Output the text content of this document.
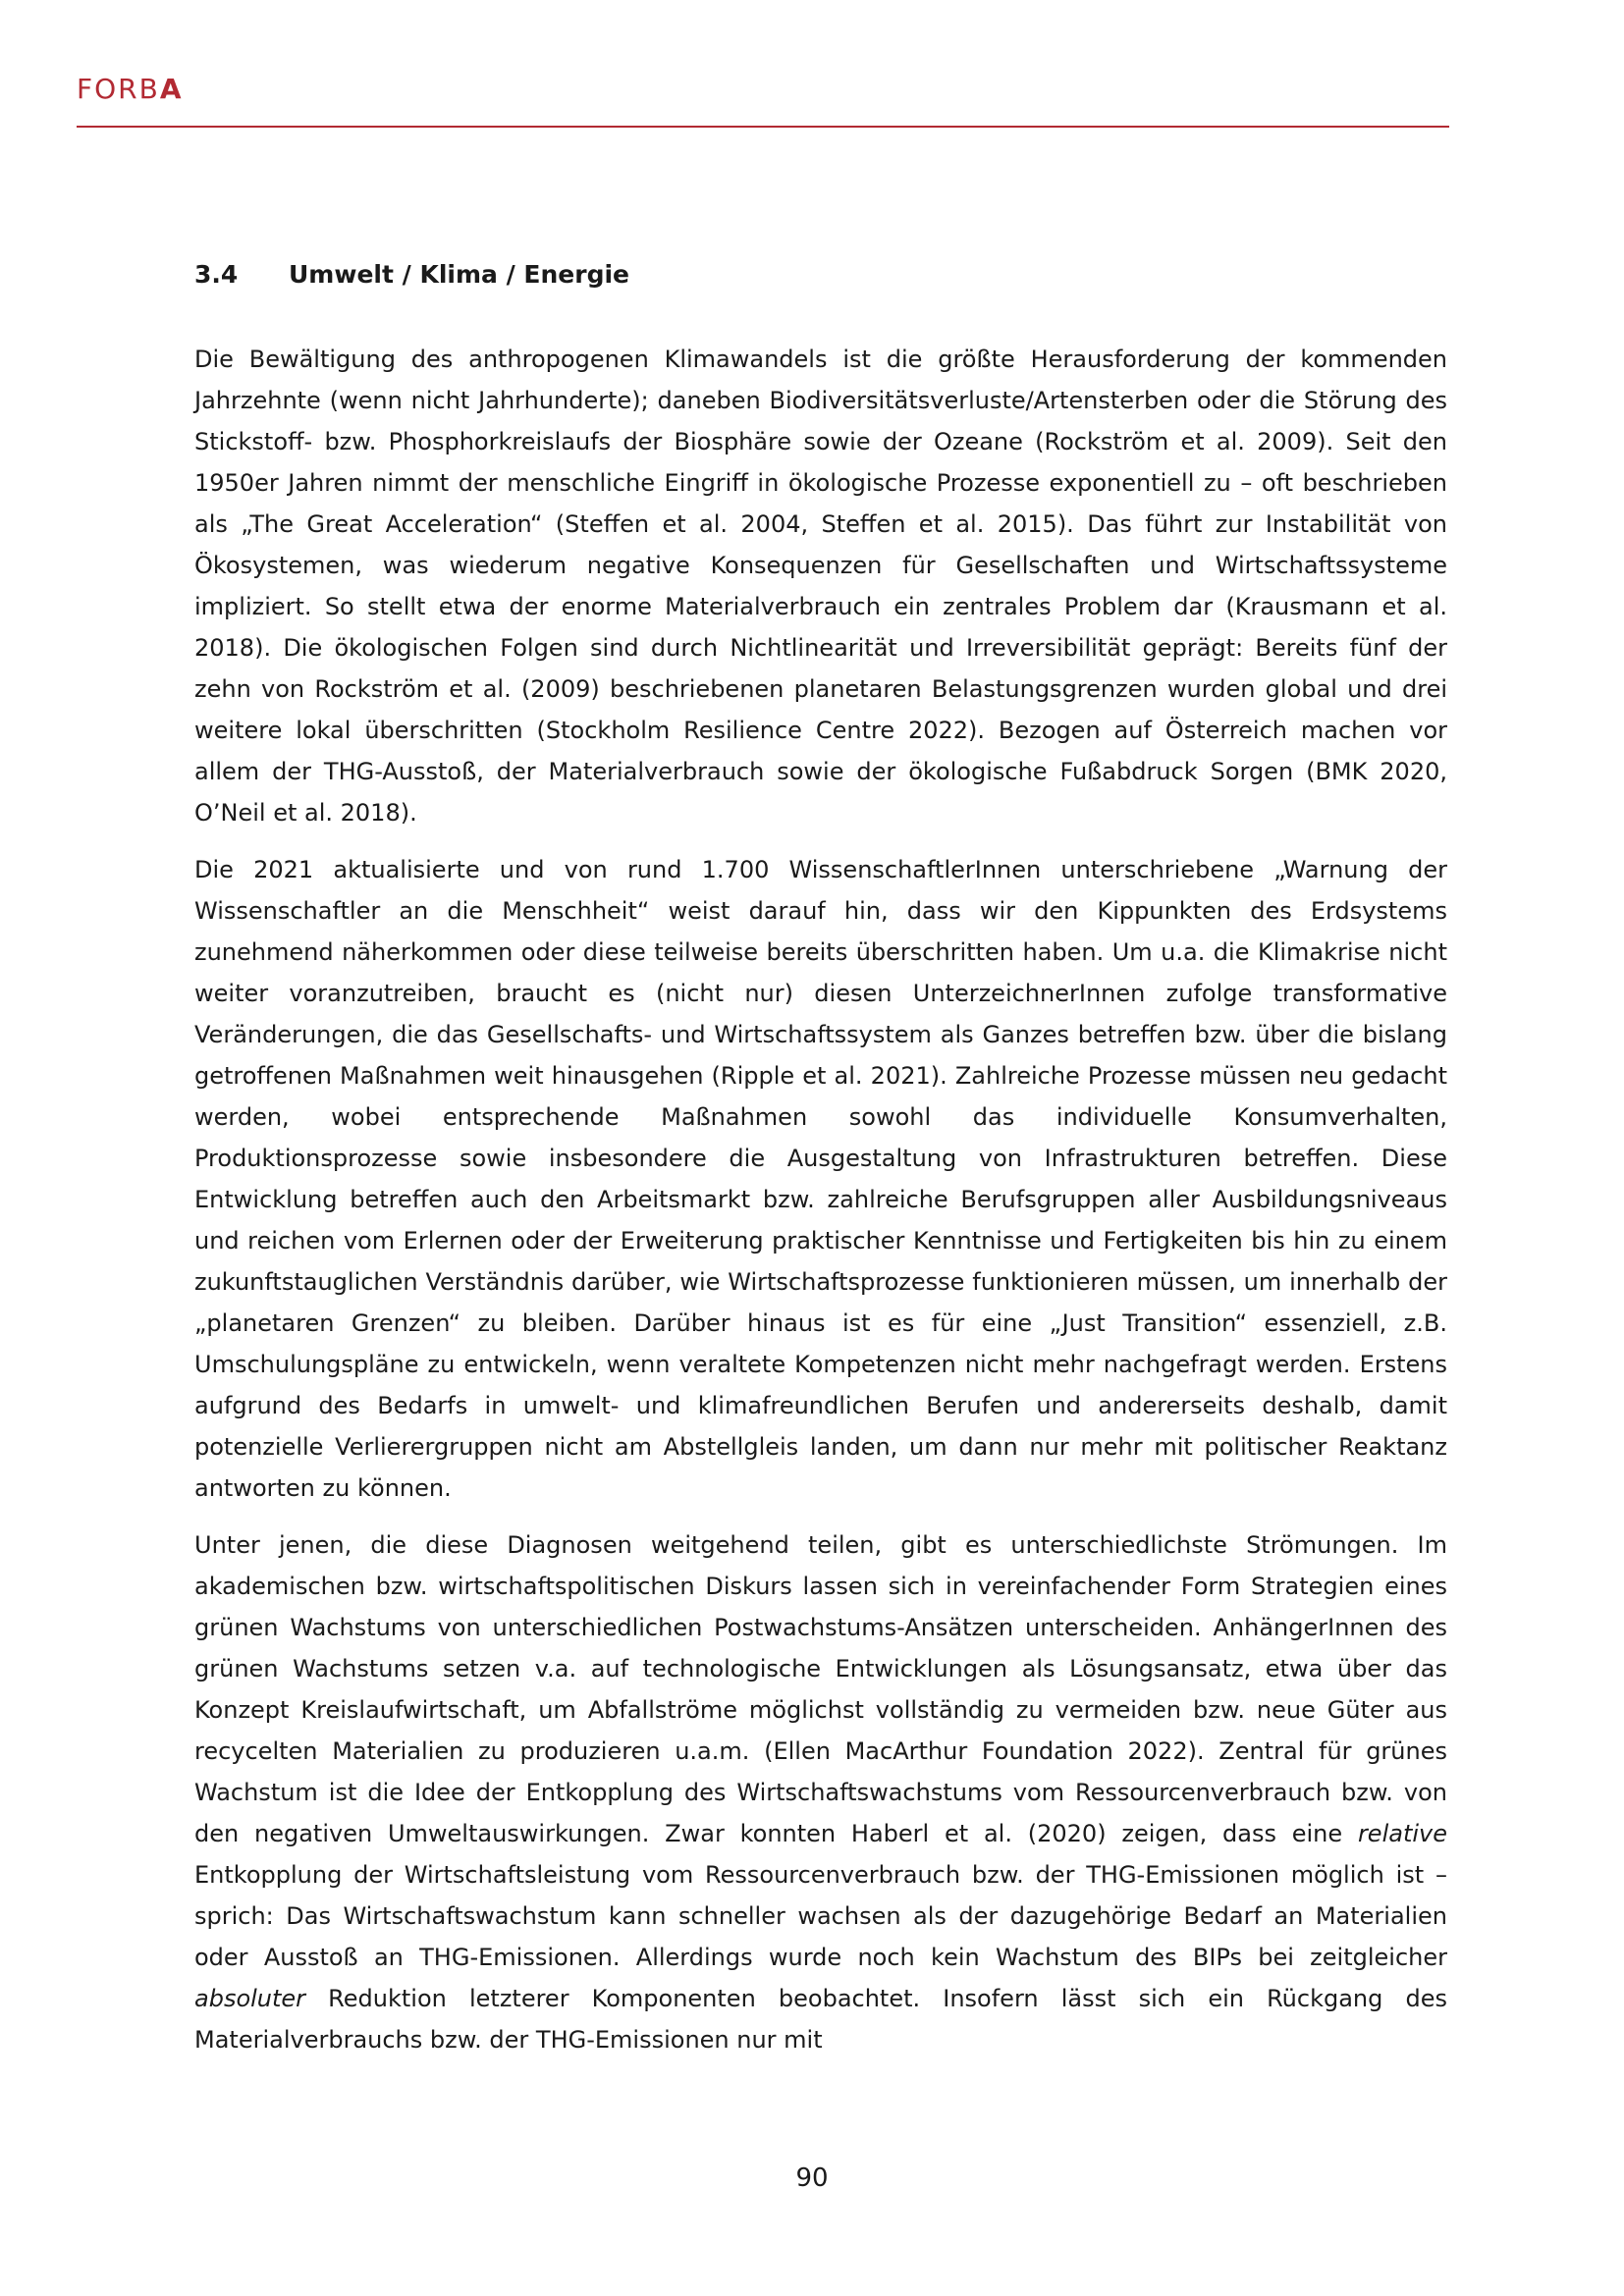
FORBA
3.4 Umwelt / Klima / Energie

Die Bewältigung des anthropogenen Klimawandels ist die größte Herausforderung der kommenden Jahrzehnte (wenn nicht Jahrhunderte); daneben Biodiversitätsverluste/Artensterben oder die Störung des Stickstoff- bzw. Phosphorkreislaufs der Biosphäre sowie der Ozeane (Rockström et al. 2009). Seit den 1950er Jahren nimmt der menschliche Eingriff in ökologische Prozesse exponentiell zu – oft beschrieben als „The Great Acceleration“ (Steffen et al. 2004, Steffen et al. 2015). Das führt zur Instabilität von Ökosystemen, was wiederum negative Konsequenzen für Gesellschaften und Wirtschaftssysteme impliziert. So stellt etwa der enorme Materialverbrauch ein zentrales Problem dar (Krausmann et al. 2018). Die ökologischen Folgen sind durch Nichtlinearität und Irreversibilität geprägt: Bereits fünf der zehn von Rockström et al. (2009) beschriebenen planetaren Belastungsgrenzen wurden global und drei weitere lokal überschritten (Stockholm Resilience Centre 2022). Bezogen auf Österreich machen vor allem der THG-Ausstoß, der Materialverbrauch sowie der ökologische Fußabdruck Sorgen (BMK 2020, O’Neil et al. 2018).

Die 2021 aktualisierte und von rund 1.700 WissenschaftlerInnen unterschriebene „Warnung der Wissenschaftler an die Menschheit“ weist darauf hin, dass wir den Kippunkten des Erdsystems zunehmend näherkommen oder diese teilweise bereits überschritten haben. Um u.a. die Klimakrise nicht weiter voranzutreiben, braucht es (nicht nur) diesen UnterzeichnerInnen zufolge transformative Veränderungen, die das Gesellschafts- und Wirtschaftssystem als Ganzes betreffen bzw. über die bislang getroffenen Maßnahmen weit hinausgehen (Ripple et al. 2021). Zahlreiche Prozesse müssen neu gedacht werden, wobei entsprechende Maßnahmen sowohl das individuelle Konsumverhalten, Produktionsprozesse sowie insbesondere die Ausgestaltung von Infrastrukturen betreffen. Diese Entwicklung betreffen auch den Arbeitsmarkt bzw. zahlreiche Berufsgruppen aller Ausbildungsniveaus und reichen vom Erlernen oder der Erweiterung praktischer Kenntnisse und Fertigkeiten bis hin zu einem zukunftstauglichen Verständnis darüber, wie Wirtschaftsprozesse funktionieren müssen, um innerhalb der „planetaren Grenzen“ zu bleiben. Darüber hinaus ist es für eine „Just Transition“ essenziell, z.B. Umschulungspläne zu entwickeln, wenn veraltete Kompetenzen nicht mehr nachgefragt werden. Erstens aufgrund des Bedarfs in umwelt- und klimafreundlichen Berufen und andererseits deshalb, damit potenzielle Verlierergruppen nicht am Abstellgleis landen, um dann nur mehr mit politischer Reaktanz antworten zu können.

Unter jenen, die diese Diagnosen weitgehend teilen, gibt es unterschiedlichste Strömungen. Im akademischen bzw. wirtschaftspolitischen Diskurs lassen sich in vereinfachender Form Strategien eines grünen Wachstums von unterschiedlichen Postwachstums-Ansätzen unterscheiden. AnhängerInnen des grünen Wachstums setzen v.a. auf technologische Entwicklungen als Lösungsansatz, etwa über das Konzept Kreislaufwirtschaft, um Abfallströme möglichst vollständig zu vermeiden bzw. neue Güter aus recycelten Materialien zu produzieren u.a.m. (Ellen MacArthur Foundation 2022). Zentral für grünes Wachstum ist die Idee der Entkopplung des Wirtschaftswachstums vom Ressourcenverbrauch bzw. von den negativen Umweltauswirkungen. Zwar konnten Haberl et al. (2020) zeigen, dass eine relative Entkopplung der Wirtschaftsleistung vom Ressourcenverbrauch bzw. der THG-Emissionen möglich ist – sprich: Das Wirtschaftswachstum kann schneller wachsen als der dazugehörige Bedarf an Materialien oder Ausstoß an THG-Emissionen. Allerdings wurde noch kein Wachstum des BIPs bei zeitgleicher absoluter Reduktion letzterer Komponenten beobachtet. Insofern lässt sich ein Rückgang des Materialverbrauchs bzw. der THG-Emissionen nur mit

90
